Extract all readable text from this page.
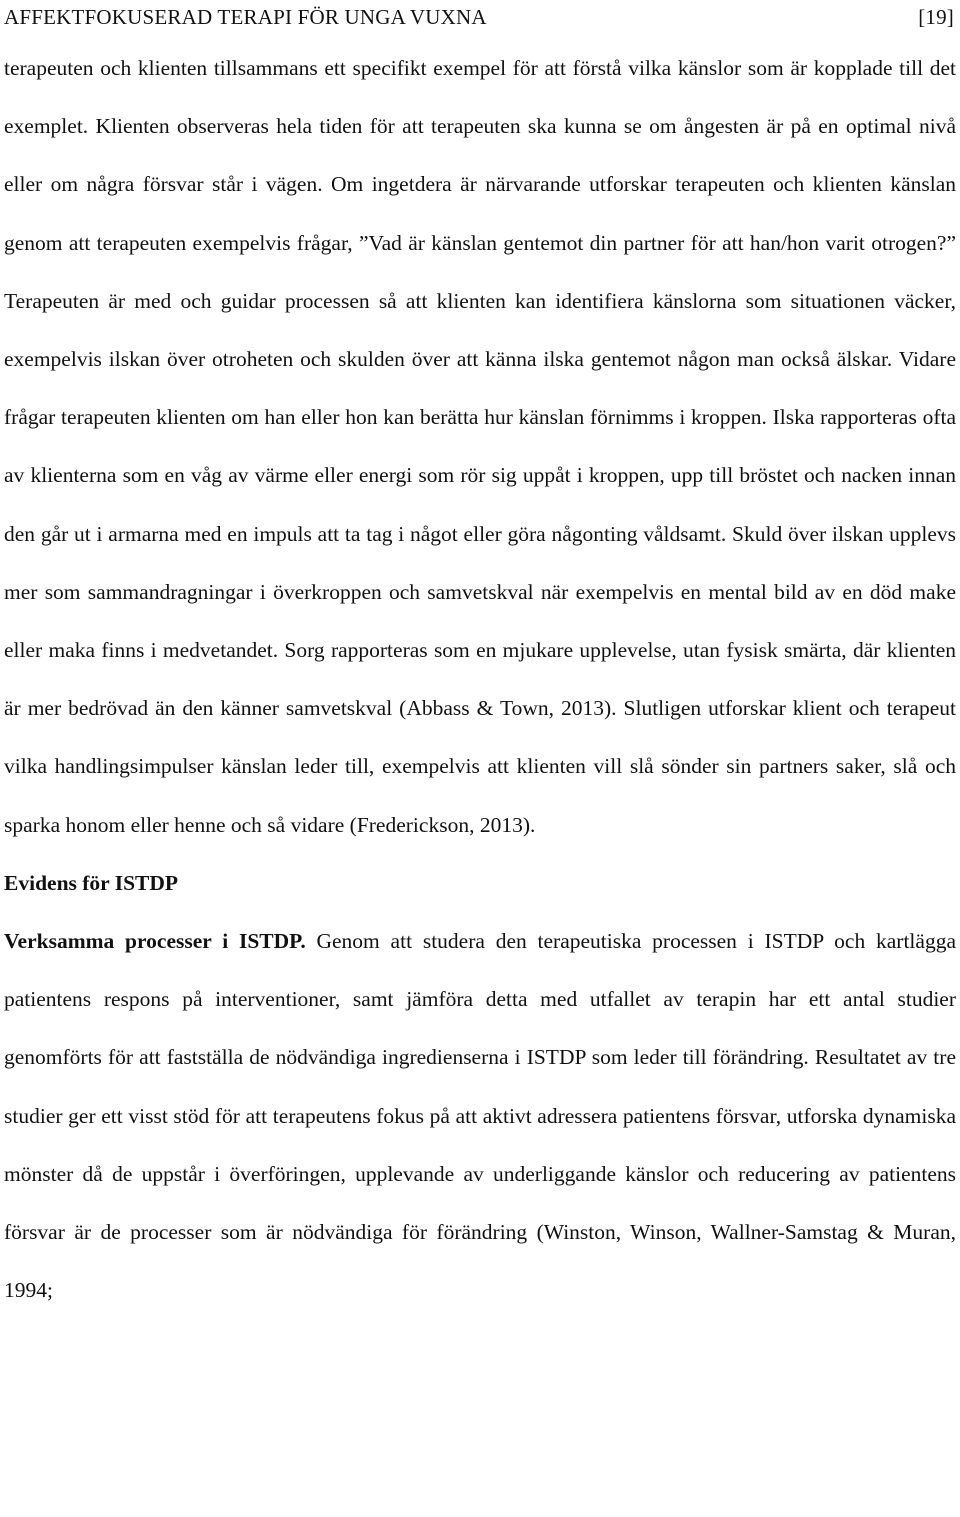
AFFEKTFOKUSERAD TERAPI FÖR UNGA VUXNA	[19]

terapeuten och klienten tillsammans ett specifikt exempel för att förstå vilka känslor som är kopplade till det exemplet. Klienten observeras hela tiden för att terapeuten ska kunna se om ångesten är på en optimal nivå eller om några försvar står i vägen. Om ingetdera är närvarande utforskar terapeuten och klienten känslan genom att terapeuten exempelvis frågar, ”Vad är känslan gentemot din partner för att han/hon varit otrogen?” Terapeuten är med och guidar processen så att klienten kan identifiera känslorna som situationen väcker, exempelvis ilskan över otroheten och skulden över att känna ilska gentemot någon man också älskar. Vidare frågar terapeuten klienten om han eller hon kan berätta hur känslan förnimms i kroppen. Ilska rapporteras ofta av klienterna som en våg av värme eller energi som rör sig uppåt i kroppen, upp till bröstet och nacken innan den går ut i armarna med en impuls att ta tag i något eller göra någonting våldsamt. Skuld över ilskan upplevs mer som sammandragningar i överkroppen och samvetskval när exempelvis en mental bild av en död make eller maka finns i medvetandet. Sorg rapporteras som en mjukare upplevelse, utan fysisk smärta, där klienten är mer bedrövad än den känner samvetskval (Abbass & Town, 2013). Slutligen utforskar klient och terapeut vilka handlingsimpulser känslan leder till, exempelvis att klienten vill slå sönder sin partners saker, slå och sparka honom eller henne och så vidare (Frederickson, 2013).

Evidens för ISTDP

Verksamma processer i ISTDP. Genom att studera den terapeutiska processen i ISTDP och kartlägga patientens respons på interventioner, samt jämföra detta med utfallet av terapin har ett antal studier genomförts för att fastställa de nödvändiga ingredienserna i ISTDP som leder till förändring. Resultatet av tre studier ger ett visst stöd för att terapeutens fokus på att aktivt adressera patientens försvar, utforska dynamiska mönster då de uppstår i överföringen, upplevande av underliggande känslor och reducering av patientens försvar är de processer som är nödvändiga för förändring (Winston, Winson, Wallner-Samstag & Muran, 1994;
